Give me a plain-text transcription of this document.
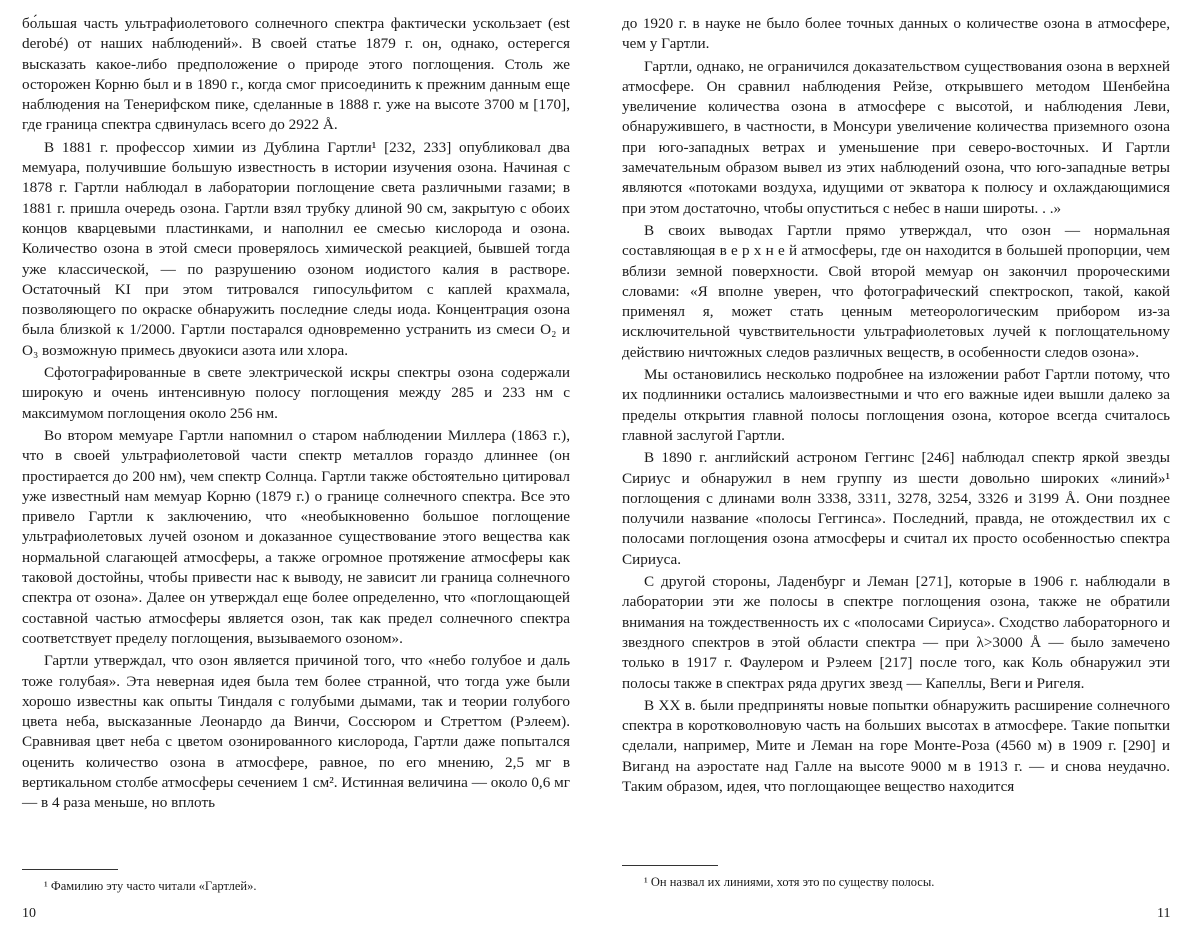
бо́льшая часть ультрафиолетового солнечного спектра фактически ускользает (est derobé) от наших наблюдений». В своей статье 1879 г. он, однако, остерегся высказать какое-либо предположение о природе этого поглощения. Столь же осторожен Корню был и в 1890 г., когда смог присоединить к прежним данным еще наблюдения на Тенерифском пике, сделанные в 1888 г. уже на высоте 3700 м [170], где граница спектра сдвинулась всего до 2922 Å.

В 1881 г. профессор химии из Дублина Гартли¹ [232, 233] опубликовал два мемуара, получившие большую известность в истории изучения озона. Начиная с 1878 г. Гартли наблюдал в лаборатории поглощение света различными газами; в 1881 г. пришла очередь озона. Гартли взял трубку длиной 90 см, закрытую с обоих концов кварцевыми пластинками, и наполнил ее смесью кислорода и озона. Количество озона в этой смеси проверялось химической реакцией, бывшей тогда уже классической, — по разрушению озоном иодистого калия в растворе. Остаточный KI при этом титровался гипосульфитом с каплей крахмала, позволяющего по окраске обнаружить последние следы иода. Концентрация озона была близкой к 1/2000. Гартли постарался одновременно устранить из смеси O₂ и O₃ возможную примесь двуокиси азота или хлора.

Сфотографированные в свете электрической искры спектры озона содержали широкую и очень интенсивную полосу поглощения между 285 и 233 нм с максимумом поглощения около 256 нм.

Во втором мемуаре Гартли напомнил о старом наблюдении Миллера (1863 г.), что в своей ультрафиолетовой части спектр металлов гораздо длиннее (он простирается до 200 нм), чем спектр Солнца. Гартли также обстоятельно цитировал уже известный нам мемуар Корню (1879 г.) о границе солнечного спектра. Все это привело Гартли к заключению, что «необыкновенно большое поглощение ультрафиолетовых лучей озоном и доказанное существование этого вещества как нормальной слагающей атмосферы, а также огромное протяжение атмосферы как таковой достойны, чтобы привести нас к выводу, не зависит ли граница солнечного спектра от озона». Далее он утверждал еще более определенно, что «поглощающей составной частью атмосферы является озон, так как предел солнечного спектра соответствует пределу поглощения, вызываемого озоном».

Гартли утверждал, что озон является причиной того, что «небо голубое и даль тоже голубая». Эта неверная идея была тем более странной, что тогда уже были хорошо известны как опыты Тиндаля с голубыми дымами, так и теории голубого цвета неба, высказанные Леонардо да Винчи, Соссюром и Стреттом (Рэлеем). Сравнивая цвет неба с цветом озонированного кислорода, Гартли даже попытался оценить количество озона в атмосфере, равное, по его мнению, 2,5 мг в вертикальном столбе атмосферы сечением 1 см². Истинная величина — около 0,6 мг — в 4 раза меньше, но вплоть

¹ Фамилию эту часто читали «Гартлей».
10

до 1920 г. в науке не было более точных данных о количестве озона в атмосфере, чем у Гартли.

Гартли, однако, не ограничился доказательством существования озона в верхней атмосфере. Он сравнил наблюдения Рейзе, открывшего методом Шенбейна увеличение количества озона в атмосфере с высотой, и наблюдения Леви, обнаружившего, в частности, в Монсури увеличение количества приземного озона при юго-западных ветрах и уменьшение при северо-восточных. И Гартли замечательным образом вывел из этих наблюдений озона, что юго-западные ветры являются «потоками воздуха, идущими от экватора к полюсу и охлаждающимися при этом достаточно, чтобы опуститься с небес в наши широты. . .»

В своих выводах Гартли прямо утверждал, что озон — нормальная составляющая в е р х н е й атмосферы, где он находится в большей пропорции, чем вблизи земной поверхности. Свой второй мемуар он закончил пророческими словами: «Я вполне уверен, что фотографический спектроскоп, такой, какой применял я, может стать ценным метеорологическим прибором из-за исключительной чувствительности ультрафиолетовых лучей к поглощательному действию ничтожных следов различных веществ, в особенности следов озона».

Мы остановились несколько подробнее на изложении работ Гартли потому, что их подлинники остались малоизвестными и что его важные идеи вышли далеко за пределы открытия главной полосы поглощения озона, которое всегда считалось главной заслугой Гартли.

В 1890 г. английский астроном Геггинс [246] наблюдал спектр яркой звезды Сириус и обнаружил в нем группу из шести довольно широких «линий»¹ поглощения с длинами волн 3338, 3311, 3278, 3254, 3326 и 3199 Å. Они позднее получили название «полосы Геггинса». Последний, правда, не отождествил их с полосами поглощения озона атмосферы и считал их просто особенностью спектра Сириуса.

С другой стороны, Ладенбург и Леман [271], которые в 1906 г. наблюдали в лаборатории эти же полосы в спектре поглощения озона, также не обратили внимания на тождественность их с «полосами Сириуса». Сходство лабораторного и звездного спектров в этой области спектра — при λ>3000 Å — было замечено только в 1917 г. Фаулером и Рэлеем [217] после того, как Коль обнаружил эти полосы также в спектрах ряда других звезд — Капеллы, Веги и Ригеля.

В XX в. были предприняты новые попытки обнаружить расширение солнечного спектра в коротковолновую часть на больших высотах в атмосфере. Такие попытки сделали, например, Мите и Леман на горе Монте-Роза (4560 м) в 1909 г. [290] и Виганд на аэростате над Галле на высоте 9000 м в 1913 г. — и снова неудачно. Таким образом, идея, что поглощающее вещество находится

¹ Он назвал их линиями, хотя это по существу полосы.
11
